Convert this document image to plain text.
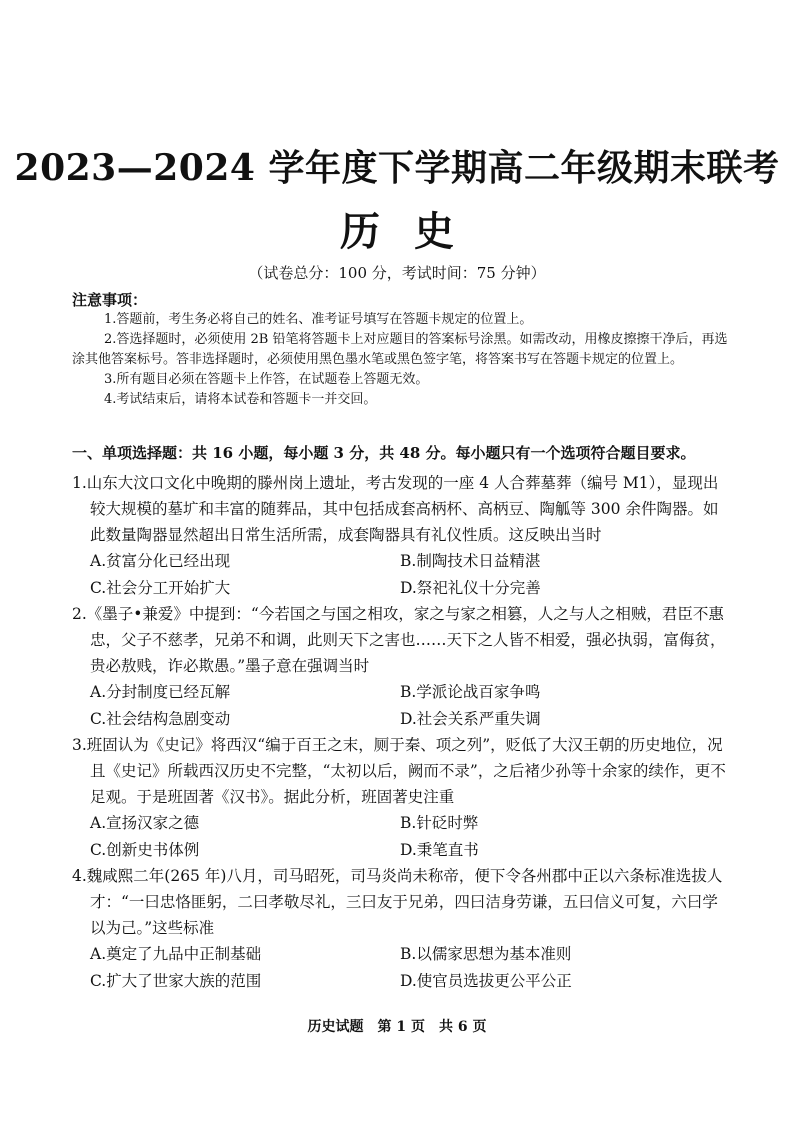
2023—2024 学年度下学期高二年级期末联考
历史
（试卷总分：100 分，考试时间：75 分钟）
注意事项：
1.答题前，考生务必将自己的姓名、准考证号填写在答题卡规定的位置上。
2.答选择题时，必须使用 2B 铅笔将答题卡上对应题目的答案标号涂黑。如需改动，用橡皮擦擦干净后，再选涂其他答案标号。答非选择题时，必须使用黑色墨水笔或黑色签字笔，将答案书写在答题卡规定的位置上。
3.所有题目必须在答题卡上作答，在试题卷上答题无效。
4.考试结束后，请将本试卷和答题卡一并交回。
一、单项选择题：共 16 小题，每小题 3 分，共 48 分。每小题只有一个选项符合题目要求。
1.山东大汶口文化中晚期的滕州岗上遗址，考古发现的一座 4 人合葬墓葬（编号 M1），显现出较大规模的墓圹和丰富的随葬品，其中包括成套高柄杯、高柄豆、陶觚等 300 余件陶器。如此数量陶器显然超出日常生活所需，成套陶器具有礼仪性质。这反映出当时
A.贫富分化已经出现	B.制陶技术日益精湛
C.社会分工开始扩大	D.祭祀礼仪十分完善
2.《墨子•兼爱》中提到：“今若国之与国之相攻，家之与家之相篡，人之与人之相贼，君臣不惠忠，父子不慈孝，兄弟不和调，此则天下之害也……天下之人皆不相爱，强必执弱，富侮贫，贵必敖贱，诈必欺愚。”墨子意在强调当时
A.分封制度已经瓦解	B.学派论战百家争鸣
C.社会结构急剧变动	D.社会关系严重失调
3.班固认为《史记》将西汉“编于百王之末，厕于秦、项之列”，贬低了大汉王朝的历史地位，况且《史记》所载西汉历史不完整，“太初以后，阙而不录”，之后褚少孙等十余家的续作，更不足观。于是班固著《汉书》。据此分析，班固著史注重
A.宣扬汉家之德	B.针砭时弊
C.创新史书体例	D.秉笔直书
4.魏咸熙二年(265 年)八月，司马昭死，司马炎尚未称帝，便下令各州郡中正以六条标准选拔人才：“一曰忠恪匪躬，二曰孝敬尽礼，三曰友于兄弟，四曰洁身劳谦，五曰信义可复，六曰学以为己。”这些标准
A.奠定了九品中正制基础	B.以儒家思想为基本准则
C.扩大了世家大族的范围	D.使官员选拔更公平公正
历史试题　第 1 页　共 6 页
